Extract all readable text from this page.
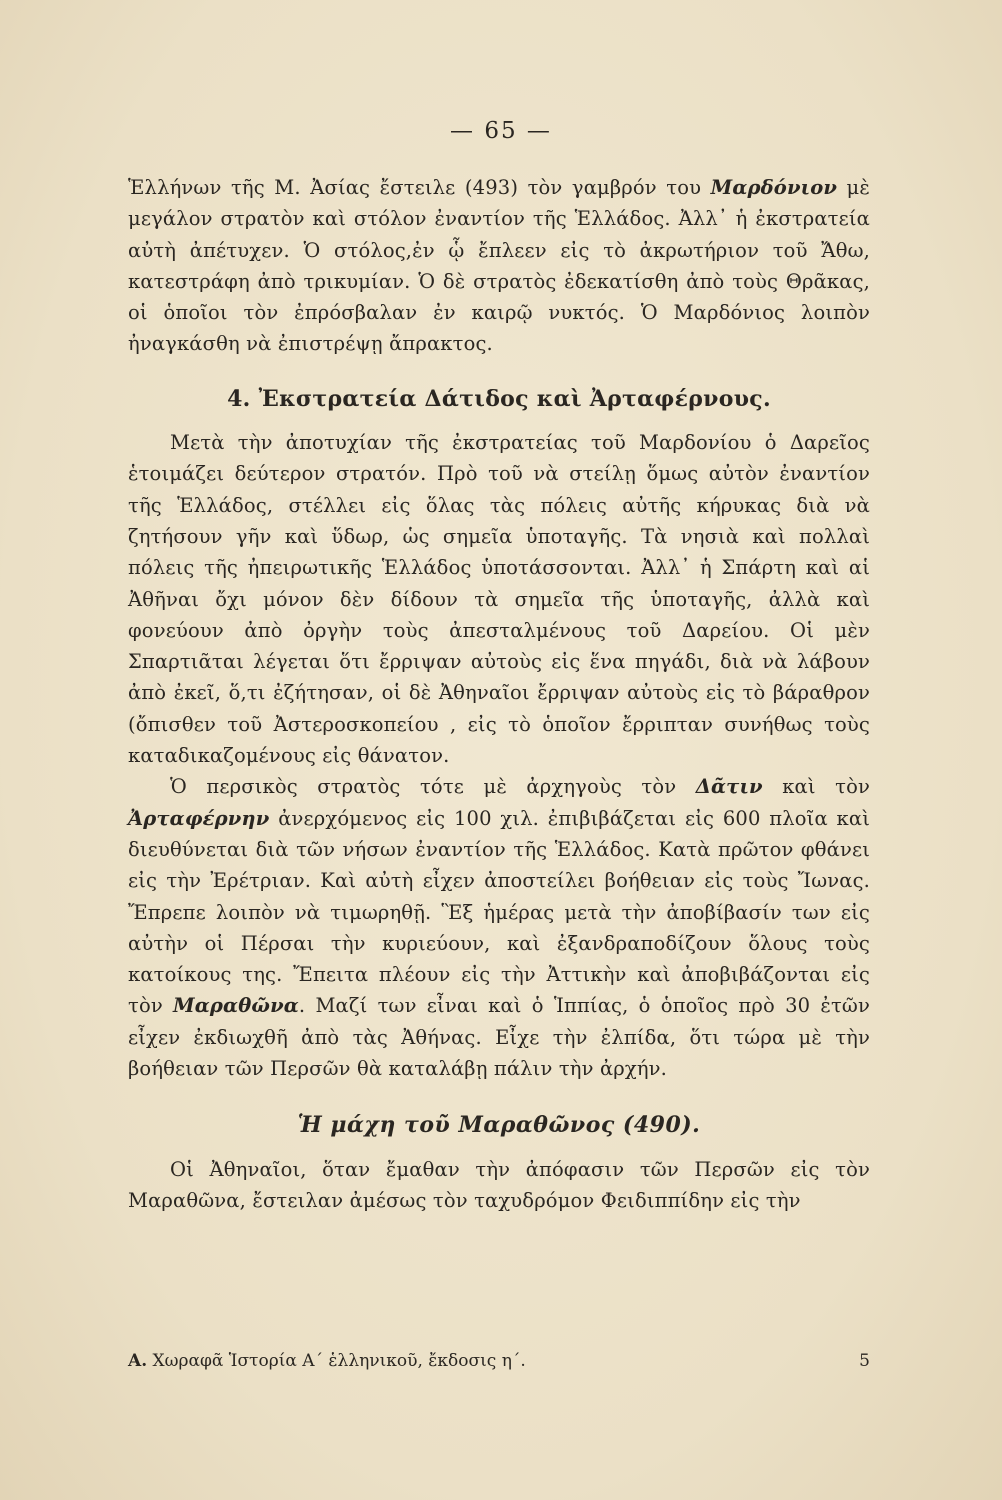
— 65 —

Ἑλλήνων τῆς Μ. Ἀσίας ἔστειλε (493) τὸν γαμβρόν του Μαρδόνιον μὲ μεγάλον στρατὸν καὶ στόλον ἐναντίον τῆς Ἑλλάδος. Ἀλλ᾽ ἡ ἐκστρατεία αὐτὴ ἀπέτυχεν. Ὁ στόλος,ἐν ᾧ ἔπλεεν εἰς τὸ ἀκρωτήριον τοῦ Ἄθω, κατεστράφη ἀπὸ τρικυμίαν. Ὁ δὲ στρατὸς ἐδεκατίσθη ἀπὸ τοὺς Θρᾶκας, οἱ ὁποῖοι τὸν ἐπρόσβαλαν ἐν καιρῷ νυκτός. Ὁ Μαρδόνιος λοιπὸν ἠναγκάσθη νὰ ἐπιστρέψῃ ἄπρακτος.

4. Ἐκστρατεία Δάτιδος καὶ Ἀρταφέρνους.

Μετὰ τὴν ἀποτυχίαν τῆς ἐκστρατείας τοῦ Μαρδονίου ὁ Δαρεῖος ἑτοιμάζει δεύτερον στρατόν. Πρὸ τοῦ νὰ στείλῃ ὅμως αὐτὸν ἐναντίον τῆς Ἑλλάδος, στέλλει εἰς ὅλας τὰς πόλεις αὐτῆς κήρυκας διὰ νὰ ζητήσουν γῆν καὶ ὕδωρ, ὡς σημεῖα ὑποταγῆς. Τὰ νησιὰ καὶ πολλαὶ πόλεις τῆς ἠπειρωτικῆς Ἑλλάδος ὑποτάσσονται. Ἀλλ᾽ ἡ Σπάρτη καὶ αἱ Ἀθῆναι ὄχι μόνον δὲν δίδουν τὰ σημεῖα τῆς ὑποταγῆς, ἀλλὰ καὶ φονεύουν ἀπὸ ὀργὴν τοὺς ἀπεσταλμένους τοῦ Δαρείου. Οἱ μὲν Σπαρτιᾶται λέγεται ὅτι ἔρριψαν αὐτοὺς εἰς ἕνα πηγάδι, διὰ νὰ λάβουν ἀπὸ ἐκεῖ, ὅ,τι ἐζήτησαν, οἱ δὲ Ἀθηναῖοι ἔρριψαν αὐτοὺς εἰς τὸ βάραθρον (ὄπισθεν τοῦ Ἀστεροσκοπείου , εἰς τὸ ὁποῖον ἔρριπταν συνήθως τοὺς καταδικαζομένους εἰς θάνατον.

Ὁ περσικὸς στρατὸς τότε μὲ ἀρχηγοὺς τὸν Δᾶτιν καὶ τὸν Ἀρταφέρνην ἀνερχόμενος εἰς 100 χιλ. ἐπιβιβάζεται εἰς 600 πλοῖα καὶ διευθύνεται διὰ τῶν νήσων ἐναντίον τῆς Ἑλλάδος. Κατὰ πρῶτον φθάνει εἰς τὴν Ἐρέτριαν. Καὶ αὐτὴ εἶχεν ἀποστείλει βοήθειαν εἰς τοὺς Ἴωνας. Ἔπρεπε λοιπὸν νὰ τιμωρηθῇ. Ἓξ ἡμέρας μετὰ τὴν ἀποβίβασίν των εἰς αὐτὴν οἱ Πέρσαι τὴν κυριεύουν, καὶ ἐξανδραποδίζουν ὅλους τοὺς κατοίκους της. Ἔπειτα πλέουν εἰς τὴν Ἀττικὴν καὶ ἀποβιβάζονται εἰς τὸν Μαραθῶνα. Μαζί των εἶναι καὶ ὁ Ἱππίας, ὁ ὁποῖος πρὸ 30 ἐτῶν εἶχεν ἐκδιωχθῆ ἀπὸ τὰς Ἀθήνας. Εἶχε τὴν ἐλπίδα, ὅτι τώρα μὲ τὴν βοήθειαν τῶν Περσῶν θὰ καταλάβῃ πάλιν τὴν ἀρχήν.

Ἡ μάχη τοῦ Μαραθῶνος (490).

Οἱ Ἀθηναῖοι, ὅταν ἔμαθαν τὴν ἀπόφασιν τῶν Περσῶν εἰς τὸν Μαραθῶνα, ἔστειλαν ἀμέσως τὸν ταχυδρόμον Φειδιππίδην εἰς τὴν

Α. Χωραφᾶ Ἱστορία Α΄ ἑλληνικοῦ, ἔκδοσις η΄.	5
